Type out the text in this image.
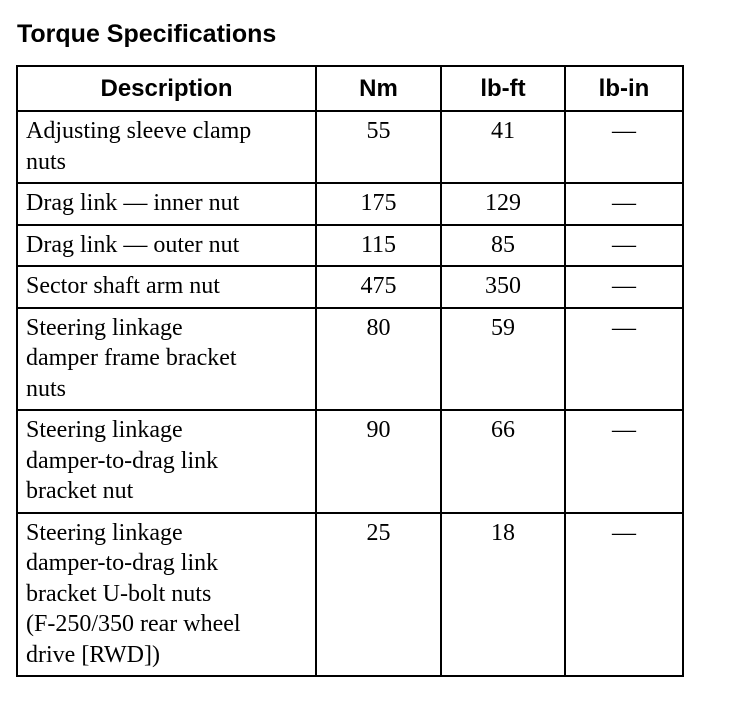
Torque Specifications
Description	Nm	lb-ft	lb-in
Adjusting sleeve clamp
nuts	55	41	—
Drag link — inner nut	175	129	—
Drag link — outer nut	115	85	—
Sector shaft arm nut	475	350	—
Steering linkage
damper frame bracket
nuts	80	59	—
Steering linkage
damper-to-drag link
bracket nut	90	66	—
Steering linkage
damper-to-drag link
bracket U-bolt nuts
(F-250/350 rear wheel
drive [RWD])	25	18	—
